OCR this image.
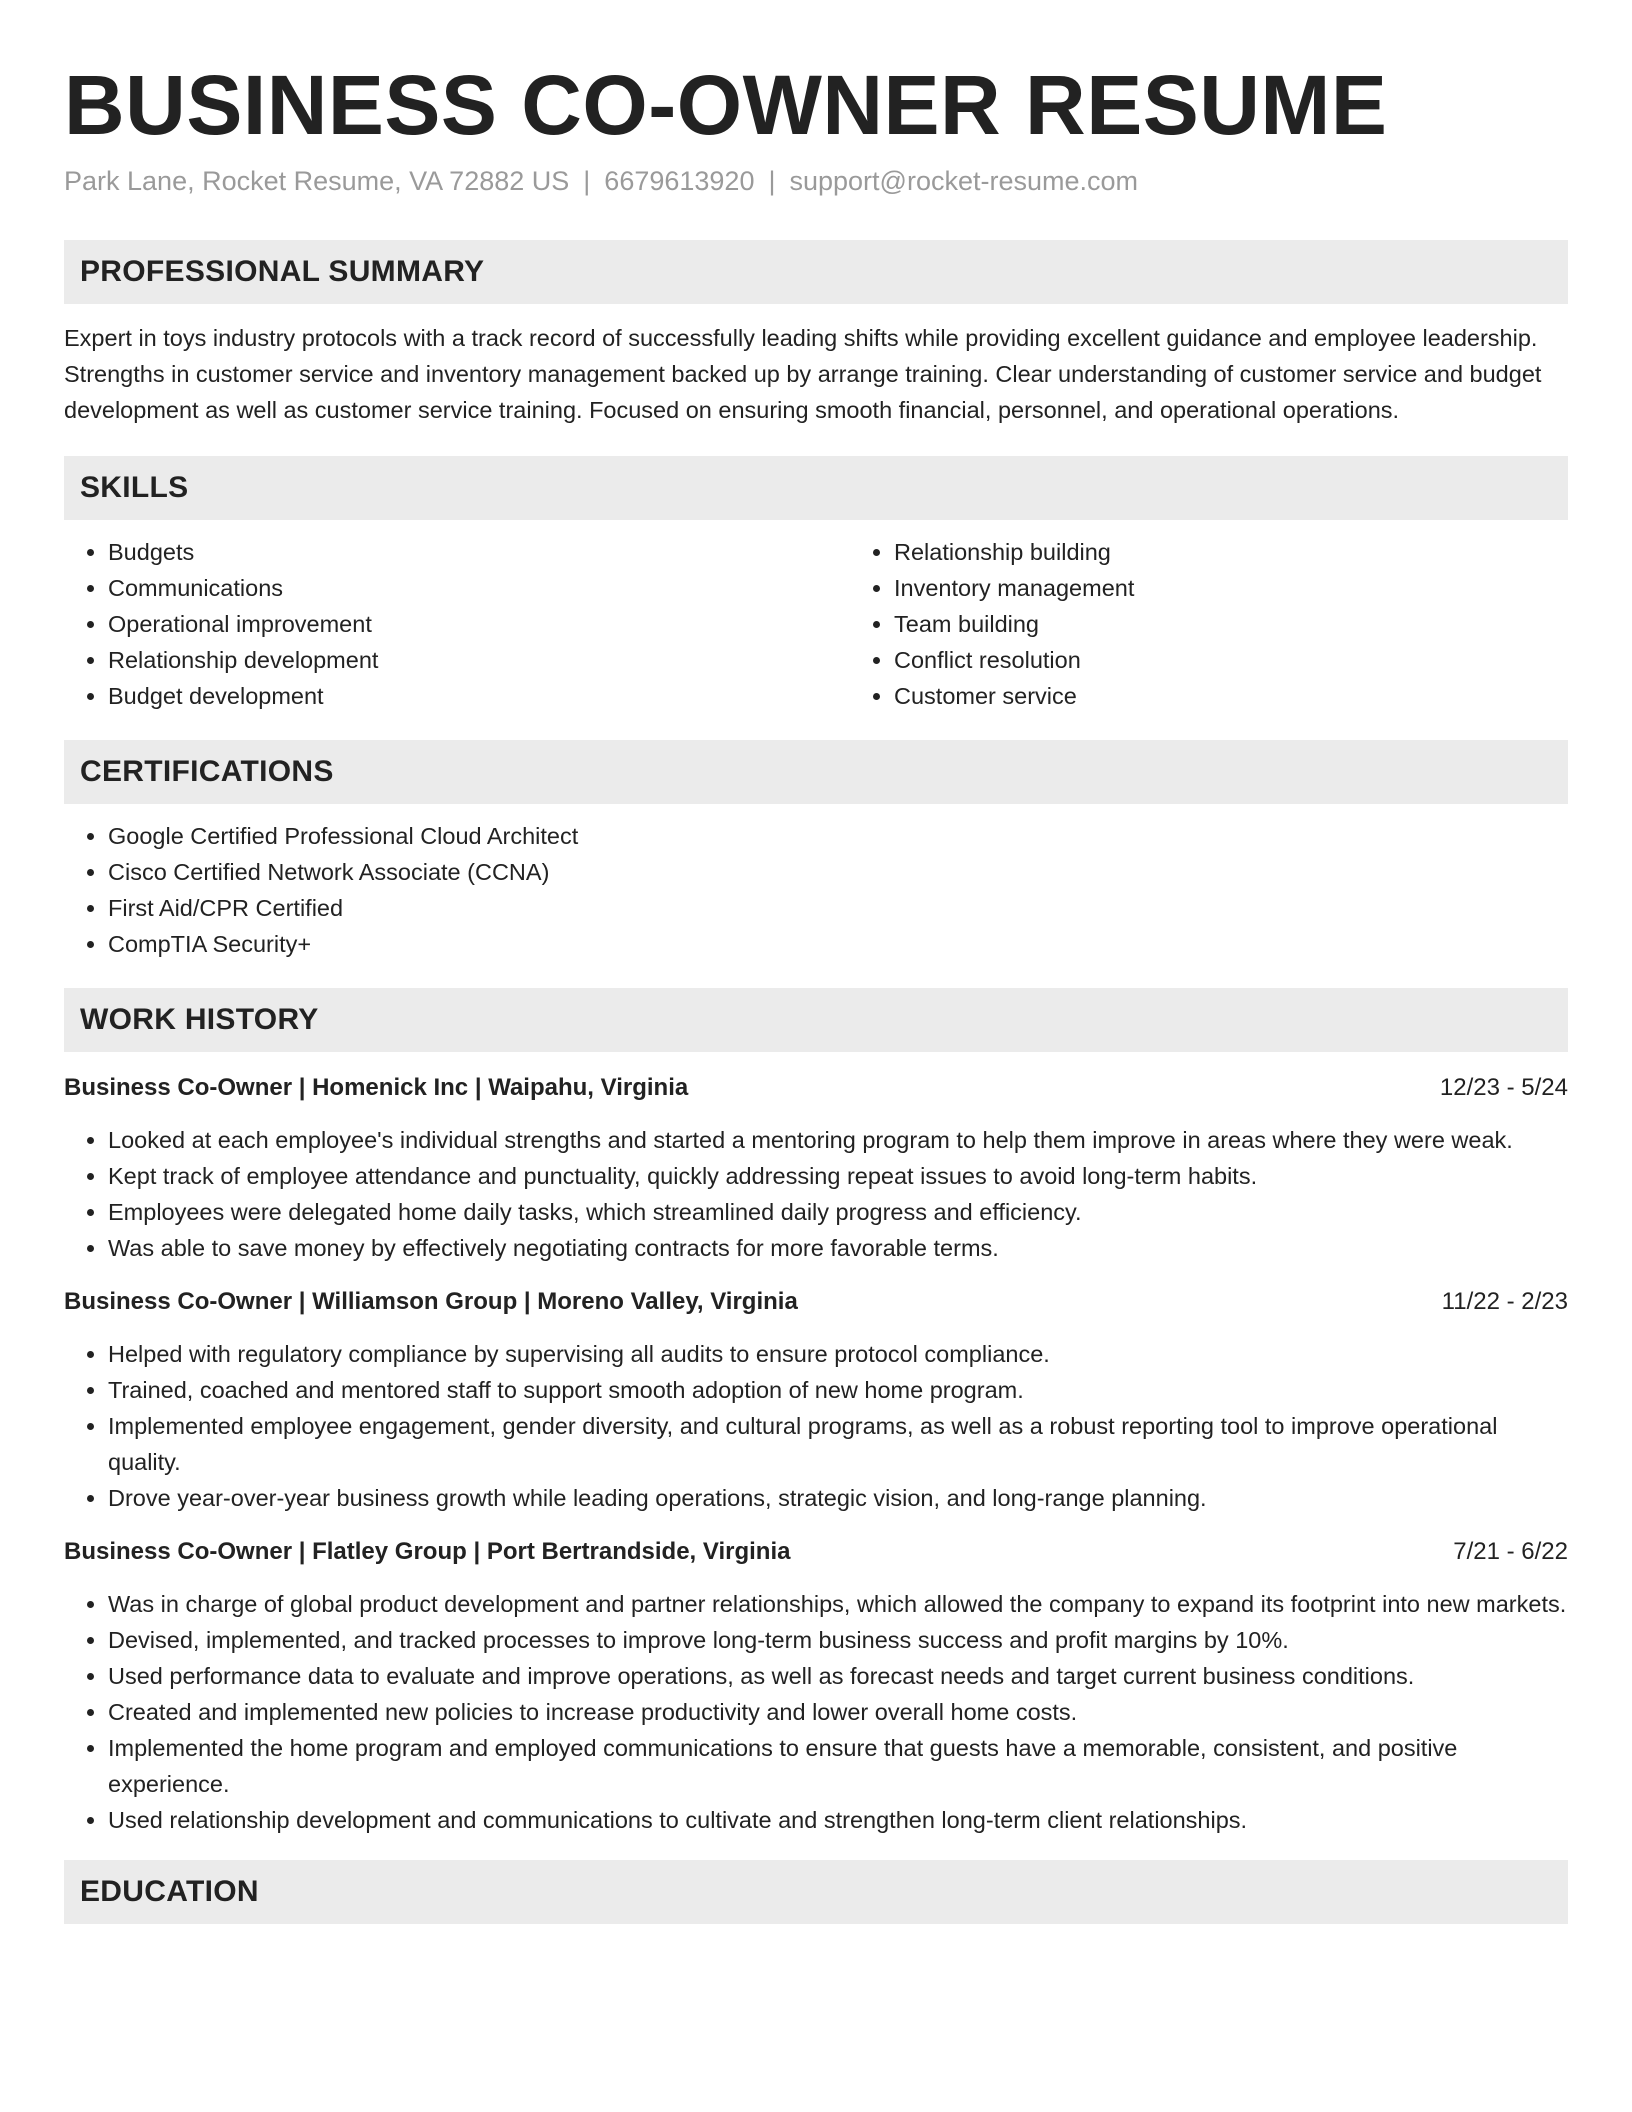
BUSINESS CO-OWNER RESUME
Park Lane, Rocket Resume, VA 72882 US | 6679613920 | support@rocket-resume.com
PROFESSIONAL SUMMARY

Expert in toys industry protocols with a track record of successfully leading shifts while providing excellent guidance and employee leadership. Strengths in customer service and inventory management backed up by arrange training. Clear understanding of customer service and budget development as well as customer service training. Focused on ensuring smooth financial, personnel, and operational operations.

SKILLS
• Budgets
• Communications
• Operational improvement
• Relationship development
• Budget development
• Relationship building
• Inventory management
• Team building
• Conflict resolution
• Customer service
CERTIFICATIONS
• Google Certified Professional Cloud Architect
• Cisco Certified Network Associate (CCNA)
• First Aid/CPR Certified
• CompTIA Security+
WORK HISTORY
Business Co-Owner | Homenick Inc | Waipahu, Virginia	12/23 - 5/24
• Looked at each employee's individual strengths and started a mentoring program to help them improve in areas where they were weak.
• Kept track of employee attendance and punctuality, quickly addressing repeat issues to avoid long-term habits.
• Employees were delegated home daily tasks, which streamlined daily progress and efficiency.
• Was able to save money by effectively negotiating contracts for more favorable terms.
Business Co-Owner | Williamson Group | Moreno Valley, Virginia	11/22 - 2/23
• Helped with regulatory compliance by supervising all audits to ensure protocol compliance.
• Trained, coached and mentored staff to support smooth adoption of new home program.
• Implemented employee engagement, gender diversity, and cultural programs, as well as a robust reporting tool to improve operational quality.
• Drove year-over-year business growth while leading operations, strategic vision, and long-range planning.
Business Co-Owner | Flatley Group | Port Bertrandside, Virginia	7/21 - 6/22
• Was in charge of global product development and partner relationships, which allowed the company to expand its footprint into new markets.
• Devised, implemented, and tracked processes to improve long-term business success and profit margins by 10%.
• Used performance data to evaluate and improve operations, as well as forecast needs and target current business conditions.
• Created and implemented new policies to increase productivity and lower overall home costs.
• Implemented the home program and employed communications to ensure that guests have a memorable, consistent, and positive experience.
• Used relationship development and communications to cultivate and strengthen long-term client relationships.
EDUCATION
